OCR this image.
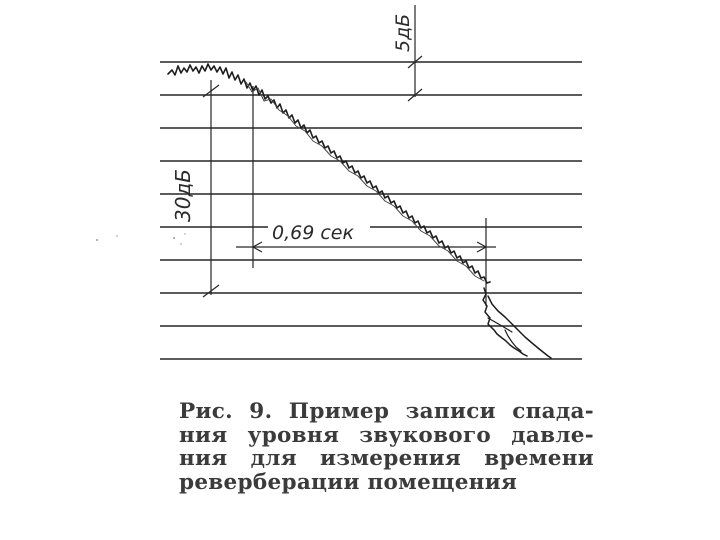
5дБ
30дБ
0,69 сек
Рис. 9. Пример записи спада-
ния уровня звукового давле-
ния для измерения времени
реверберации помещения
